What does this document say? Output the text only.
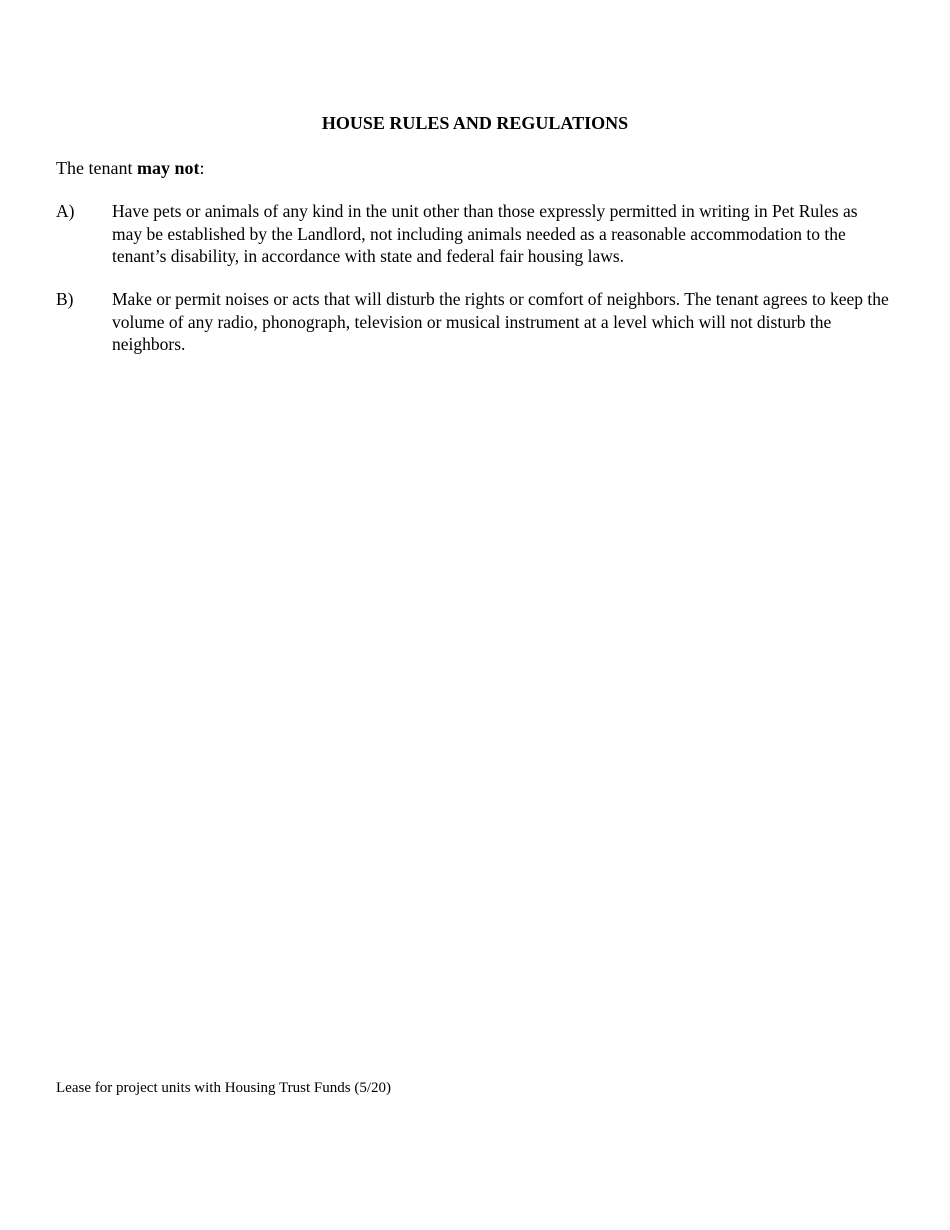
HOUSE RULES AND REGULATIONS
The tenant may not:
A)	Have pets or animals of any kind in the unit other than those expressly permitted in writing in Pet Rules as may be established by the Landlord, not including animals needed as a reasonable accommodation to the tenant’s disability, in accordance with state and federal fair housing laws.
B)	Make or permit noises or acts that will disturb the rights or comfort of neighbors. The tenant agrees to keep the volume of any radio, phonograph, television or musical instrument at a level which will not disturb the neighbors.
Lease for project units with Housing Trust Funds (5/20)
